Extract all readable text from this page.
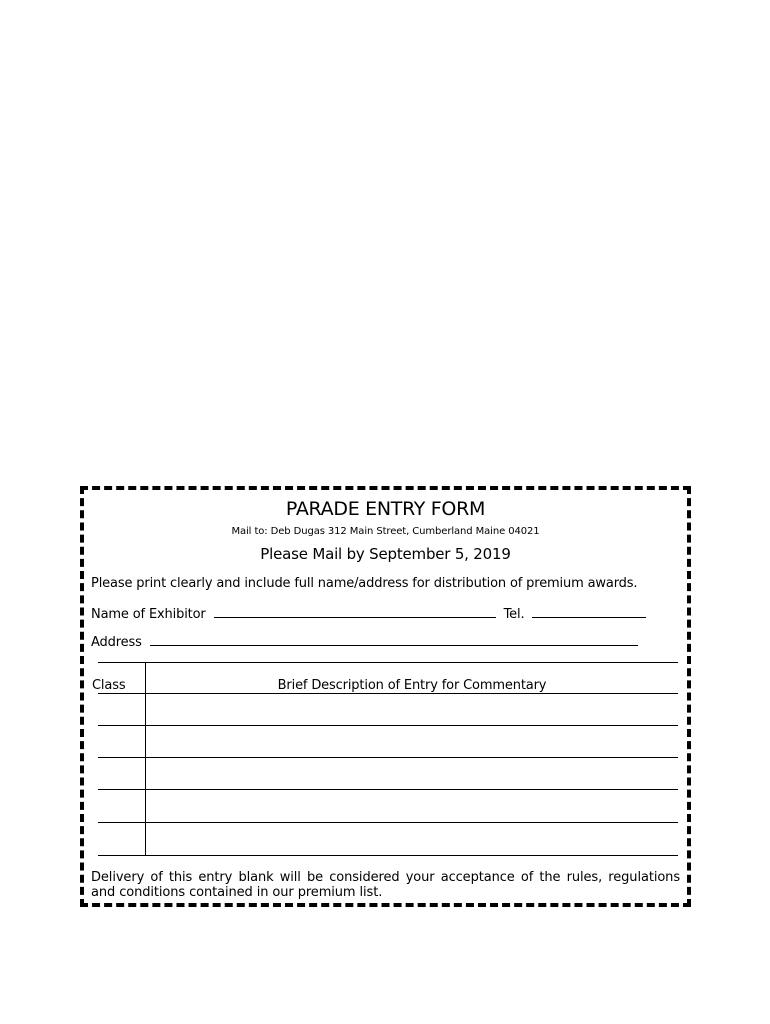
PARADE ENTRY FORM
Mail to: Deb Dugas 312 Main Street, Cumberland Maine 04021
Please Mail by September 5, 2019
Please print clearly and include full name/address for distribution of premium awards.
Name of Exhibitor	Tel.
Address
Class	Brief Description of Entry for Commentary
Delivery of this entry blank will be considered your acceptance of the rules, regulations and conditions contained in our premium list.
